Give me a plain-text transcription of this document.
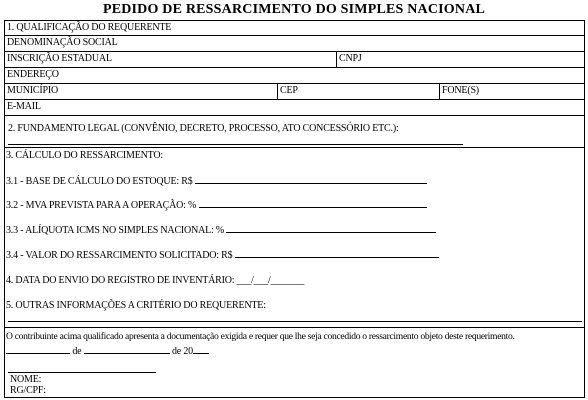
PEDIDO DE RESSARCIMENTO DO SIMPLES NACIONAL
1. QUALIFICAÇÃO DO REQUERENTE
DENOMINAÇÃO SOCIAL
INSCRIÇÃO ESTADUAL	CNPJ
ENDEREÇO
MUNICÍPIO	CEP	FONE(S)
E-MAIL
2. FUNDAMENTO LEGAL (CONVÊNIO, DECRETO, PROCESSO, ATO CONCESSÓRIO ETC.):
3. CÁLCULO DO RESSARCIMENTO:
3.1 - BASE DE CÁLCULO DO ESTOQUE: R$
3.2 - MVA PREVISTA PARA A OPERAÇÃO: %
3.3 - ALÍQUOTA ICMS NO SIMPLES NACIONAL: %
3.4 - VALOR DO RESSARCIMENTO SOLICITADO: R$
4. DATA DO ENVIO DO REGISTRO DE INVENTÁRIO: ___/___/_______
5. OUTRAS INFORMAÇÕES A CRITÉRIO DO REQUERENTE:
O contribuinte acima qualificado apresenta a documentação exigida e requer que lhe seja concedido o ressarcimento objeto deste requerimento.
de	de 20
NOME:
RG/CPF:
